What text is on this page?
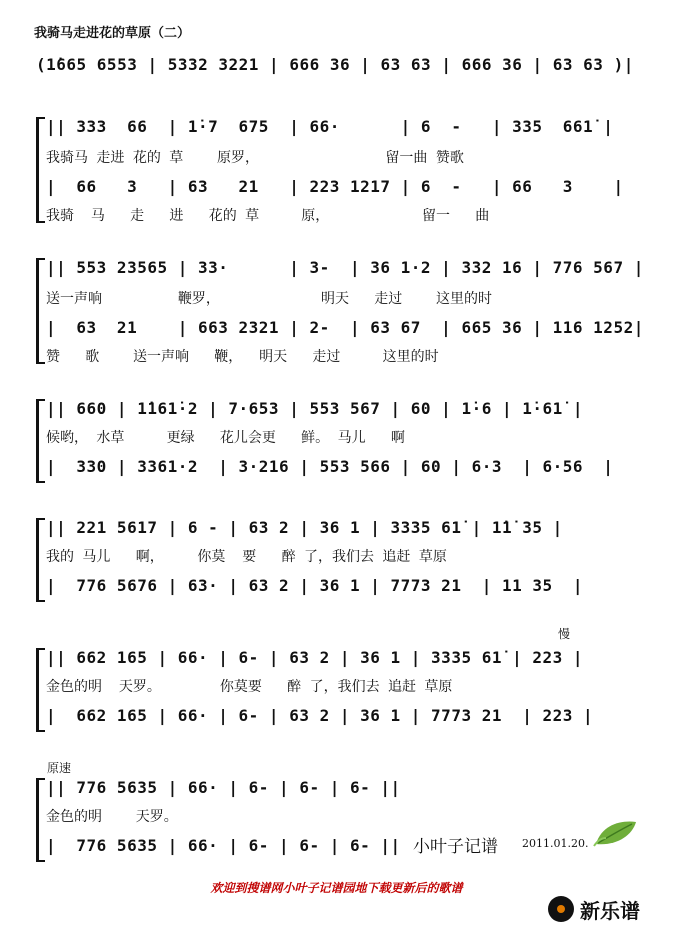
我骑马走进花的草原（二）
(1̇665 6553 | 5332 3221 | 666 36 | 63 63 | 666 36 | 63 63 )|
|| 333  66  | 1̇·7  675  | 66·      | 6  -   | 335  661̇ |
我骑马 走进 花的 草    原罗，               留一曲 赞歌
|  66   3   | 63   21   | 223 1217 | 6  -   | 66   3    |
我骑  马   走   进   花的 草     原，           留一   曲
|| 553 23565 | 33·      | 3-  | 36 1·2 | 332 16 | 776 567 |
送一声响         鞭罗，            明天   走过    这里的时
|  63  21    | 663 2321 | 2-  | 63 67  | 665 36 | 116 1252|
赞   歌    送一声响   鞭，  明天   走过     这里的时
|| 660 | 1̇161̇·2 | 7·653 | 553 567 | 60 | 1̇·6 | 1̇·61̇ |
候哟， 水草     更绿   花儿会更   鲜。 马儿   啊
|  330 | 3361·2  | 3·216 | 553 566 | 60 | 6·3  | 6·56  |
|| 221 5617 | 6 - | 63 2 | 36 1 | 3335 61̇ | 1̇1̇ 35 |
我的 马儿   啊，    你莫  要   醉 了，我们去 追赶 草原
|  776 5676 | 63· | 63 2 | 36 1 | 7773 21  | 11 35  |
慢
|| 662 165 | 66· | 6- | 63 2 | 36 1 | 3335 61̇ | 223 |
金色的明  天罗。       你莫要   醉 了，我们去 追赶 草原
|  662 165 | 66· | 6- | 63 2 | 36 1 | 7773 21  | 223 |
原速
|| 776 5635 | 66· | 6- | 6- | 6- ||
金色的明    天罗。
|  776 5635 | 66· | 6- | 6- | 6- || 小叶子记谱 2011.01.20.
欢迎到搜谱网小叶子记谱园地下载更新后的歌谱
新乐谱
